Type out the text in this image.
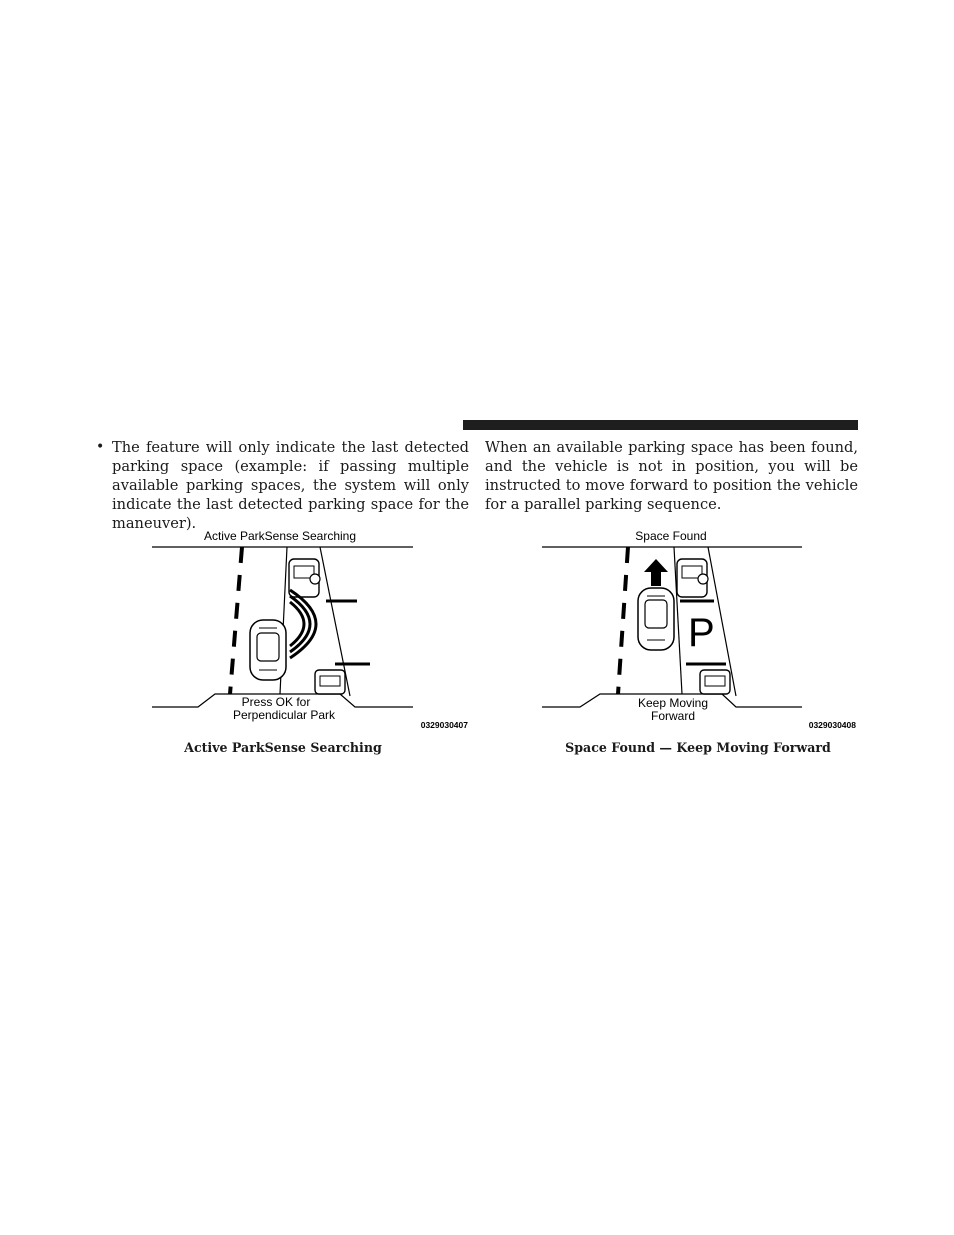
• The feature will only indicate the last detected parking space (example: if passing multiple available parking spaces, the system will only indicate the last detected parking space for the maneuver).

When an available parking space has been found, and the vehicle is not in position, you will be instructed to move forward to position the vehicle for a parallel parking sequence.

Active ParkSense Searching
Press OK for
Perpendicular Park
0329030407
Space Found
P
Keep Moving
Forward
0329030408
Active ParkSense Searching	Space Found — Keep Moving Forward
